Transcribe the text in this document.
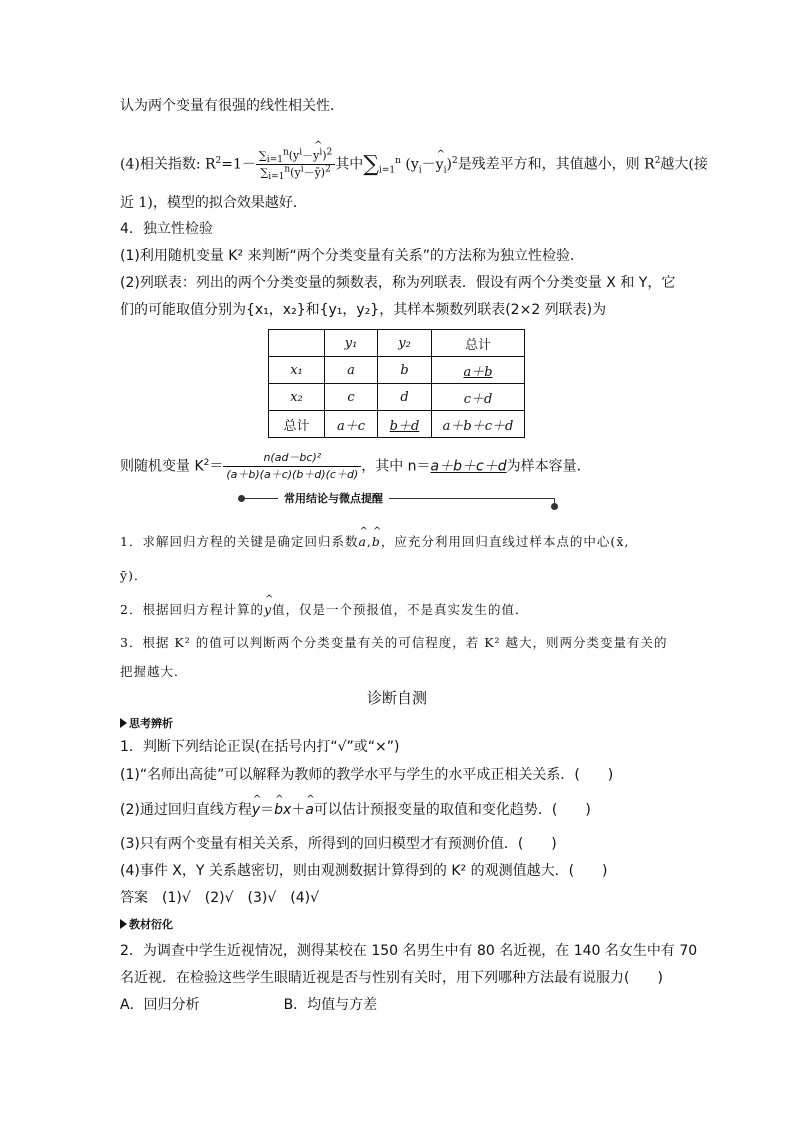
认为两个变量有很强的线性相关性．
(4)相关指数: $R^2=1- \frac{\sum_{i=1}^n(y^i-\^{} y^i)^2}{\sum_{i=1}^n(y^i-ȳ)^2}$ 其中$\sum_{i=1}^n$ ($y_i-\^{}$ $y_i)^2$是残差平方和，其值越小，则 $R^2$越大(接
近 1)，模型的拟合效果越好．
4．独立性检验
(1)利用随机变量 K² 来判断“两个分类变量有关系”的方法称为独立性检验．
(2)列联表：列出的两个分类变量的频数表，称为列联表．假设有两个分类变量 X 和 Y，它
们的可能取值分别为{x₁，x₂}和{y₁，y₂}，其样本频数列联表(2×2 列联表)为
	y₁	y₂	总计
x₁	a	b	a＋b
x₂	c	d	c＋d
总计	a＋c	b＋d	a＋b＋c＋d
则随机变量 $K^2= \frac{\text{n(ad－bc)²}}{(a+b)(a+c)(b+d)(c+d)}$ ，其中 n＝a＋b＋c＋d为样本容量．
常用结论与微点提醒
1．求解回归方程的关键是确定回归系数^ a,^ b，应充分利用回归直线过样本点的中心(x̄,
ȳ)．
2．根据回归方程计算的^ y值，仅是一个预报值，不是真实发生的值．
3．根据 K² 的值可以判断两个分类变量有关的可信程度，若 K² 越大，则两分类变量有关的
把握越大．
诊断自测
思考辨析
1．判断下列结论正误(在括号内打“√”或“×”)
(1)“名师出高徒”可以解释为教师的教学水平与学生的水平成正相关关系．(　　)
(2)通过回归直线方程^ y＝^ bx＋^ a可以估计预报变量的取值和变化趋势．(　　)
(3)只有两个变量有相关关系，所得到的回归模型才有预测价值．(　　)
(4)事件 X，Y 关系越密切，则由观测数据计算得到的 K² 的观测值越大．(　　)
答案　(1)√　(2)√　(3)√　(4)√
教材衍化
2．为调查中学生近视情况，测得某校在 150 名男生中有 80 名近视，在 140 名女生中有 70
名近视．在检验这些学生眼睛近视是否与性别有关时，用下列哪种方法最有说服力(　　)
A．回归分析	B．均值与方差
